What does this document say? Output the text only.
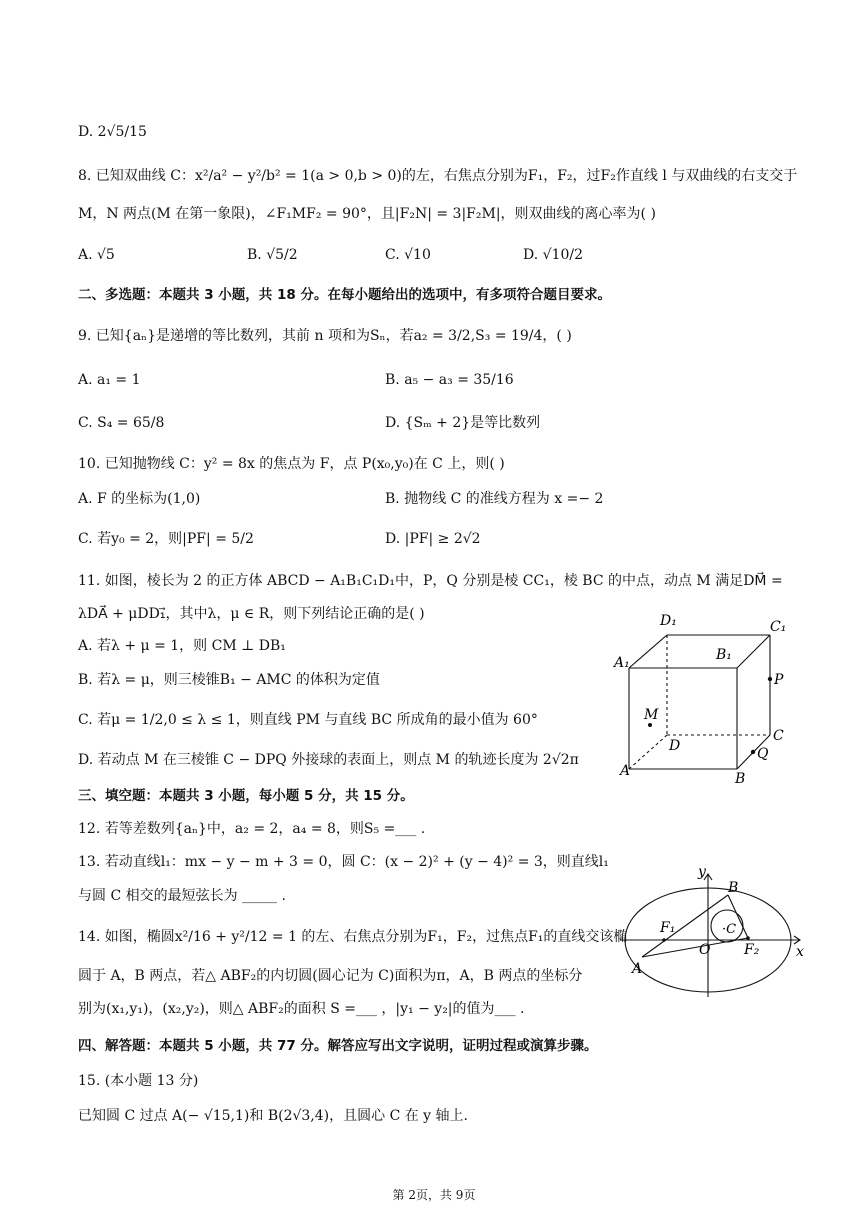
D. 2√5/15
8. 已知双曲线 C：x²/a² − y²/b² = 1(a > 0,b > 0)的左，右焦点分别为F₁，F₂，过F₂作直线 l 与双曲线的右支交于
M，N 两点(M 在第一象限)，∠F₁MF₂ = 90°，且|F₂N| = 3|F₂M|，则双曲线的离心率为( )
A. √5	B. √5/2	C. √10	D. √10/2
二、多选题：本题共 3 小题，共 18 分。在每小题给出的选项中，有多项符合题目要求。
9. 已知{aₙ}是递增的等比数列，其前 n 项和为Sₙ，若a₂ = 3/2,S₃ = 19/4，( )
A. a₁ = 1	B. a₅ − a₃ = 35/16
C. S₄ = 65/8	D. {Sₘ + 2}是等比数列
10. 已知抛物线 C：y² = 8x 的焦点为 F，点 P(x₀,y₀)在 C 上，则( )
A. F 的坐标为(1,0)	B. 抛物线 C 的准线方程为 x =− 2
C. 若y₀ = 2，则|PF| = 5/2	D. |PF| ≥ 2√2
11. 如图，棱长为 2 的正方体 ABCD − A₁B₁C₁D₁中，P，Q 分别是棱 CC₁，棱 BC 的中点，动点 M 满足DM⃗ =
λDA⃗ + μDD₁⃗，其中λ，μ ∈ R，则下列结论正确的是( )
A. 若λ + μ = 1，则 CM ⊥ DB₁
B. 若λ = μ，则三棱锥B₁ − AMC 的体积为定值
C. 若μ = 1/2,0 ≤ λ ≤ 1，则直线 PM 与直线 BC 所成角的最小值为 60°
D. 若动点 M 在三棱锥 C − DPQ 外接球的表面上，则点 M 的轨迹长度为 2√2π
D₁	C₁
A₁	B₁
P
M
D
C
Q
A	B
三、填空题：本题共 3 小题，每小题 5 分，共 15 分。
12. 若等差数列{aₙ}中，a₂ = 2，a₄ = 8，则S₅ =___ .
13. 若动直线l₁：mx − y − m + 3 = 0，圆 C：(x − 2)² + (y − 4)² = 3，则直线l₁
与圆 C 相交的最短弦长为 _____ .
14. 如图，椭圆x²/16 + y²/12 = 1 的左、右焦点分别为F₁，F₂，过焦点F₁的直线交该椭
圆于 A，B 两点，若△ ABF₂的内切圆(圆心记为 C)面积为π，A，B 两点的坐标分
别为(x₁,y₁)，(x₂,y₂)，则△ ABF₂的面积 S =___ ，|y₁ − y₂|的值为___ .
y
B
F₁	·C
O F₂
A
x
四、解答题：本题共 5 小题，共 77 分。解答应写出文字说明，证明过程或演算步骤。
15. (本小题 13 分)
已知圆 C 过点 A(− √15,1)和 B(2√3,4)，且圆心 C 在 y 轴上.
第 2页，共 9页
